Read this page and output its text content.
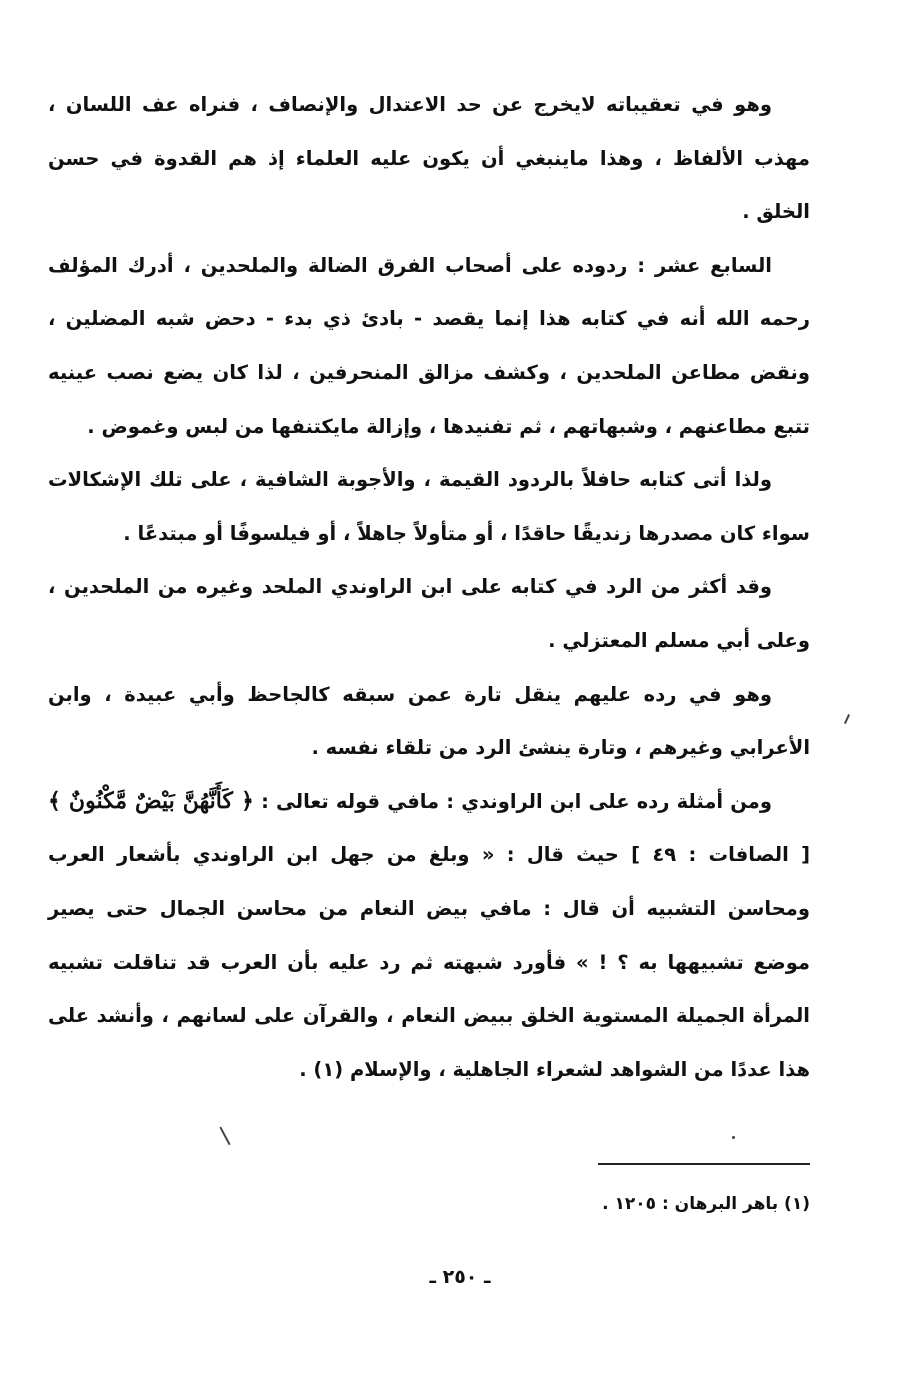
وهو في تعقيباته لايخرج عن حد الاعتدال والإنصاف ، فنراه عف اللسان ، مهذب الألفاظ ، وهذا ماينبغي أن يكون عليه العلماء إذ هم القدوة في حسن الخلق .

السابع عشر : ردوده على أصحاب الفرق الضالة والملحدين ، أدرك المؤلف رحمه الله أنه في كتابه هذا إنما يقصد - بادئ ذي بدء - دحض شبه المضلين ، ونقض مطاعن الملحدين ، وكشف مزالق المنحرفين ، لذا كان يضع نصب عينيه تتبع مطاعنهم ، وشبهاتهم ، ثم تفنيدها ، وإزالة مايكتنفها من لبس وغموض .

ولذا أتى كتابه حافلاً بالردود القيمة ، والأجوبة الشافية ، على تلك الإشكالات سواء كان مصدرها زنديقًا حاقدًا ، أو متأولاً جاهلاً ، أو فيلسوفًا أو مبتدعًا .

وقد أكثر من الرد في كتابه على ابن الراوندي الملحد وغيره من الملحدين ، وعلى أبي مسلم المعتزلي .

وهو في رده عليهم ينقل تارة عمن سبقه كالجاحظ وأبي عبيدة ، وابن الأعرابي وغيرهم ، وتارة ينشئ الرد من تلقاء نفسه .

ومن أمثلة رده على ابن الراوندي : مافي قوله تعالى : ﴿ كَأَنَّهُنَّ بَيْضٌ مَّكْنُونٌ ﴾ [ الصافات : ٤٩ ] حيث قال : « وبلغ من جهل ابن الراوندي بأشعار العرب ومحاسن التشبيه أن قال : مافي بيض النعام من محاسن الجمال حتى يصير موضع تشبيهها به ؟ ! » فأورد شبهته ثم رد عليه بأن العرب قد تناقلت تشبيه المرأة الجميلة المستوية الخلق ببيض النعام ، والقرآن على لسانهم ، وأنشد على هذا عددًا من الشواهد لشعراء الجاهلية ، والإسلام (١) .

(١) باهر البرهان : ١٢٠٥ .
ـ ٢٥٠ ـ
